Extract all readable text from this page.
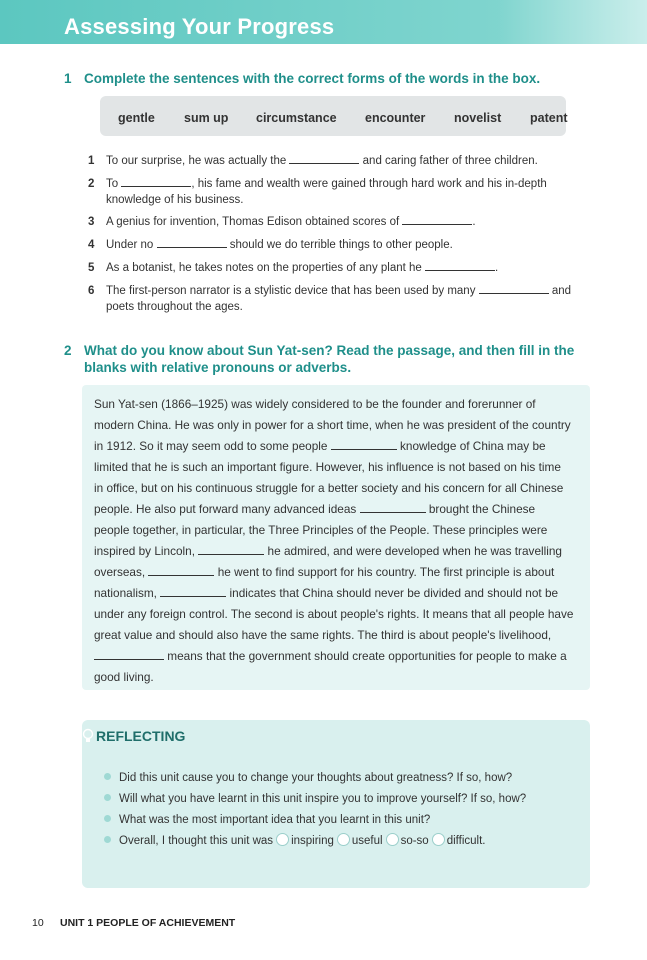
Assessing Your Progress
1 Complete the sentences with the correct forms of the words in the box.
gentle sum up circumstance encounter novelist patent
1 To our surprise, he was actually the	and caring father of three children.
2 To	, his fame and wealth were gained through hard work and his in-depth
knowledge of his business.
3 A genius for invention, Thomas Edison obtained scores of	.
4 Under no	should we do terrible things to other people.
5 As a botanist, he takes notes on the properties of any plant he	.
6 The first-person narrator is a stylistic device that has been used by many	and
poets throughout the ages.
2 What do you know about Sun Yat-sen? Read the passage, and then fill in the
blanks with relative pronouns or adverbs.
Sun Yat-sen (1866–1925) was widely considered to be the founder and forerunner of
modern China. He was only in power for a short time, when he was president of the country
in 1912. So it may seem odd to some people	knowledge of China may be
limited that he is such an important figure. However, his influence is not based on his time
in office, but on his continuous struggle for a better society and his concern for all Chinese
people. He also put forward many advanced ideas	brought the Chinese
people together, in particular, the Three Principles of the People. These principles were
inspired by Lincoln,	he admired, and were developed when he was travelling
overseas,	he went to find support for his country. The first principle is about
nationalism,	indicates that China should never be divided and should not be
under any foreign control. The second is about people's rights. It means that all people have
great value and should also have the same rights. The third is about people's livelihood,
means that the government should create opportunities for people to make a
good living.
REFLECTING
Did this unit cause you to change your thoughts about greatness? If so, how?
Will what you have learnt in this unit inspire you to improve yourself? If so, how?
What was the most important idea that you learnt in this unit?
Overall, I thought this unit was inspiring useful so-so difficult.
10 UNIT 1 PEOPLE OF ACHIEVEMENT
